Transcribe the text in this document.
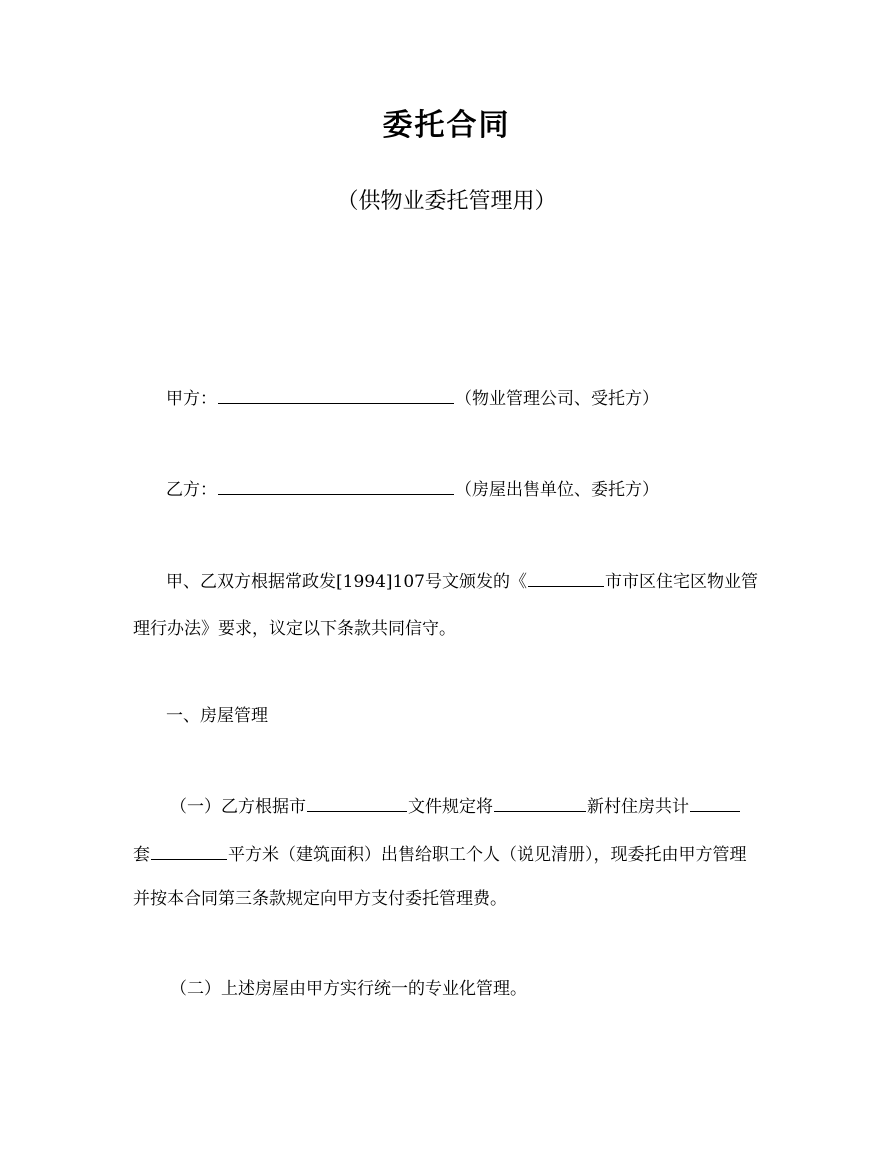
委托合同
（供物业委托管理用）
甲方：	（物业管理公司、受托方）
乙方：	（房屋出售单位、委托方）
甲、乙双方根据常政发[1994]107号文颁发的《	市市区住宅区物业管
理行办法》要求，议定以下条款共同信守。
一、房屋管理
（一）乙方根据市	文件规定将	新村住房共计
套	平方米（建筑面积）出售给职工个人（说见清册），现委托由甲方管理
并按本合同第三条款规定向甲方支付委托管理费。
（二）上述房屋由甲方实行统一的专业化管理。
